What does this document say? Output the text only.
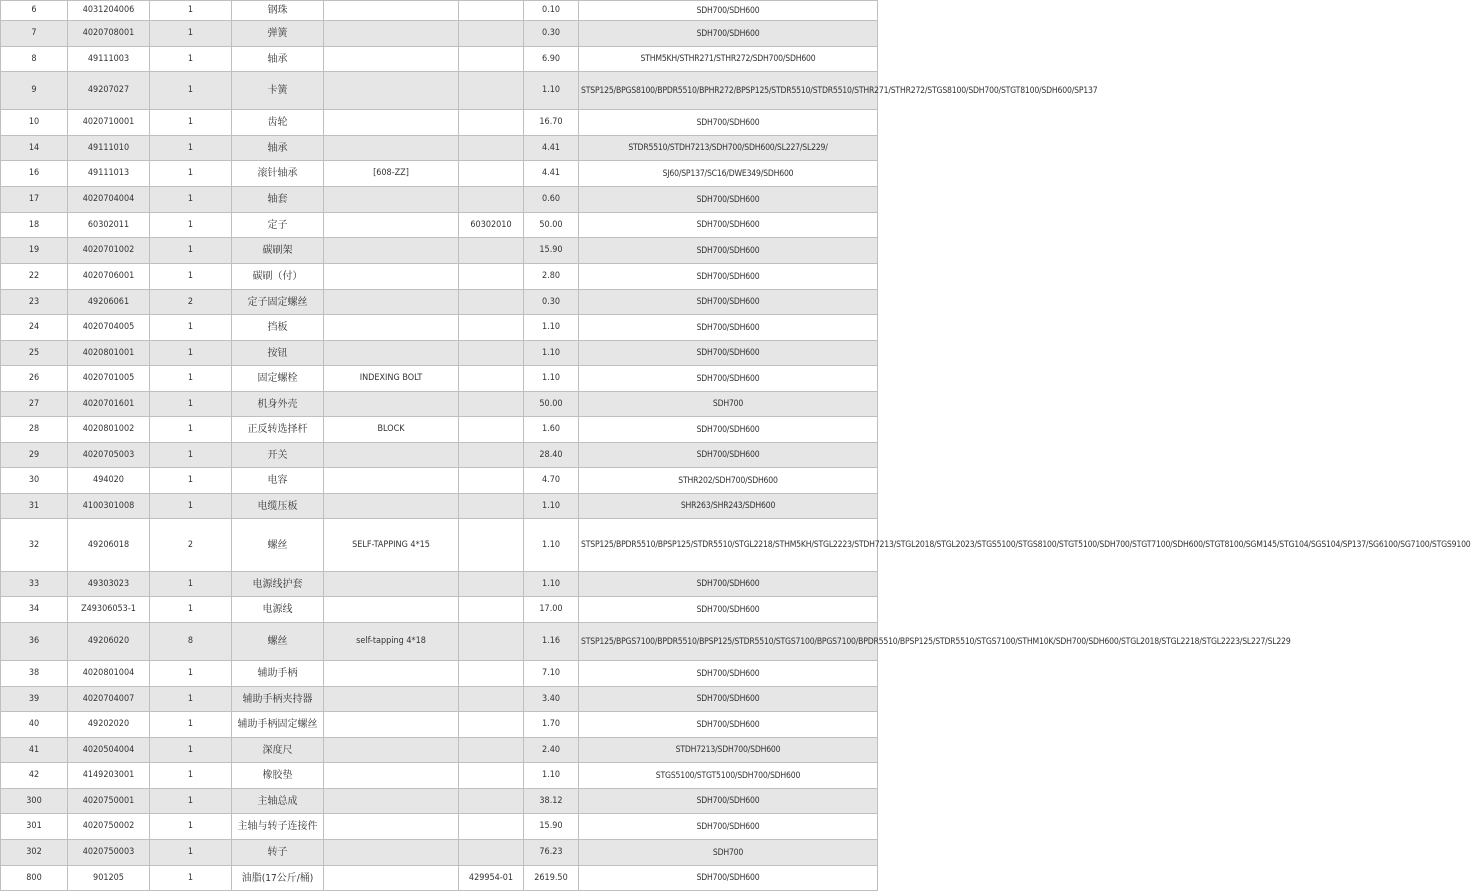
6	4031204006	1	钢珠			0.10	SDH700/SDH600
7	4020708001	1	弹簧			0.30	SDH700/SDH600
8	49111003	1	轴承			6.90	STHM5KH/STHR271/STHR272/SDH700/SDH600
9	49207027	1	卡簧			1.10	STSP125/BPGS8100/BPDR5510/BPHR272/BPSP125/STDR5510/STDR5510/STHR271/STHR272/STGS8100/SDH700/STGT8100/SDH600/SP137
10	4020710001	1	齿轮			16.70	SDH700/SDH600
14	49111010	1	轴承			4.41	STDR5510/STDH7213/SDH700/SDH600/SL227/SL229/
16	49111013	1	滚针轴承	[608-ZZ]		4.41	SJ60/SP137/SC16/DWE349/SDH600
17	4020704004	1	轴套			0.60	SDH700/SDH600
18	60302011	1	定子		60302010	50.00	SDH700/SDH600
19	4020701002	1	碳刷架			15.90	SDH700/SDH600
22	4020706001	1	碳刷（付）			2.80	SDH700/SDH600
23	49206061	2	定子固定螺丝			0.30	SDH700/SDH600
24	4020704005	1	挡板			1.10	SDH700/SDH600
25	4020801001	1	按钮			1.10	SDH700/SDH600
26	4020701005	1	固定螺栓	INDEXING BOLT		1.10	SDH700/SDH600
27	4020701601	1	机身外壳			50.00	SDH700
28	4020801002	1	正反转选择杆	BLOCK		1.60	SDH700/SDH600
29	4020705003	1	开关			28.40	SDH700/SDH600
30	494020	1	电容			4.70	STHR202/SDH700/SDH600
31	4100301008	1	电缆压板			1.10	SHR263/SHR243/SDH600
32	49206018	2	螺丝	SELF-TAPPING 4*15		1.10	STSP125/BPDR5510/BPSP125/STDR5510/STGL2218/STHM5KH/STGL2223/STDH7213/STGL2018/STGL2023/STGS5100/STGS8100/STGT5100/SDH700/STGT7100/SDH600/STGT8100/SGM145/STG104/SGS104/SP137/SG6100/SG7100/STGS9100
33	49303023	1	电源线护套			1.10	SDH700/SDH600
34	Z49306053-1	1	电源线			17.00	SDH700/SDH600
36	49206020	8	螺丝	self-tapping 4*18		1.16	STSP125/BPGS7100/BPDR5510/BPSP125/STDR5510/STGS7100/BPGS7100/BPDR5510/BPSP125/STDR5510/STGS7100/STHM10K/SDH700/SDH600/STGL2018/STGL2218/STGL2223/SL227/SL229
38	4020801004	1	辅助手柄			7.10	SDH700/SDH600
39	4020704007	1	辅助手柄夹持器			3.40	SDH700/SDH600
40	49202020	1	辅助手柄固定螺丝			1.70	SDH700/SDH600
41	4020504004	1	深度尺			2.40	STDH7213/SDH700/SDH600
42	4149203001	1	橡胶垫			1.10	STGS5100/STGT5100/SDH700/SDH600
300	4020750001	1	主轴总成			38.12	SDH700/SDH600
301	4020750002	1	主轴与转子连接件			15.90	SDH700/SDH600
302	4020750003	1	转子			76.23	SDH700
800	901205	1	油脂(17公斤/桶)		429954-01	2619.50	SDH700/SDH600
